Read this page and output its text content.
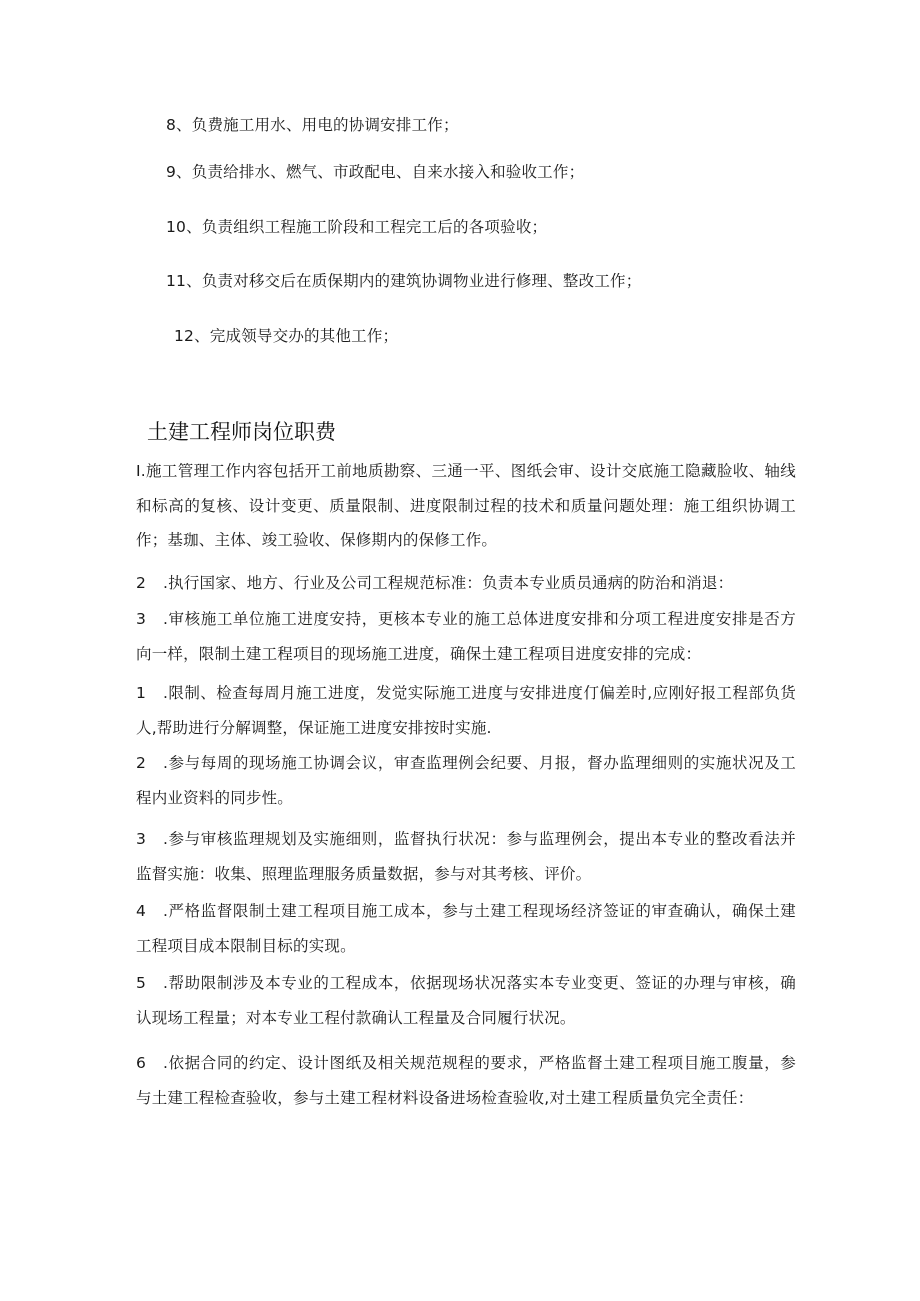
8、负费施工用水、用电的协调安排工作；
9、负责给排水、燃气、市政配电、自来水接入和验收工作；
10、负责组织工程施工阶段和工程完工后的各项验收；
11、负责对移交后在质保期内的建筑协调物业进行修理、整改工作；
12、完成领导交办的其他工作；
土建工程师岗位职费
I.施工管理工作内容包括开工前地质勘察、三通一平、图纸会审、设计交底施工隐藏脸收、轴线和标高的复核、设计变更、质量限制、进度限制过程的技术和质量问题处理：施工组织协调工作；基珈、主体、竣工验收、保修期内的保修工作。
2 .执行国家、地方、行业及公司工程规范标准：负责本专业质员通病的防治和消退：
3 .审核施工单位施工进度安持，更核本专业的施工总体进度安排和分项工程进度安排是否方向一样，限制土建工程项目的现场施工进度，确保土建工程项目进度安排的完成：
1 .限制、检查每周月施工进度，发觉实际施工进度与安排进度仃偏差时,应刚好报工程部负货人,帮助进行分解调整，保证施工进度安排按时实施.
2 .参与每周的现场施工协调会议，审查监理例会纪要、月报，督办监理细则的实施状况及工程内业资料的同步性。
3 .参与审核监理规划及实施细则，监督执行状况：参与监理例会，提出本专业的整改看法并监督实施：收集、照理监理服务质量数据，参与对其考核、评价。
4 .严格监督限制土建工程项目施工成本，参与土建工程现场经济签证的审查确认，确保土建工程项目成本限制目标的实现。
5 .帮助限制涉及本专业的工程成本，依据现场状况落实本专业变更、签证的办理与审核，确认现场工程量；对本专业工程付款确认工程量及合同履行状况。
6 .依据合同的约定、设计图纸及相关规范规程的要求，严格监督土建工程项目施工腹量，参与土建工程检查验收，参与土建工程材料设备进场检查验收,对土建工程质量负完全责任：
